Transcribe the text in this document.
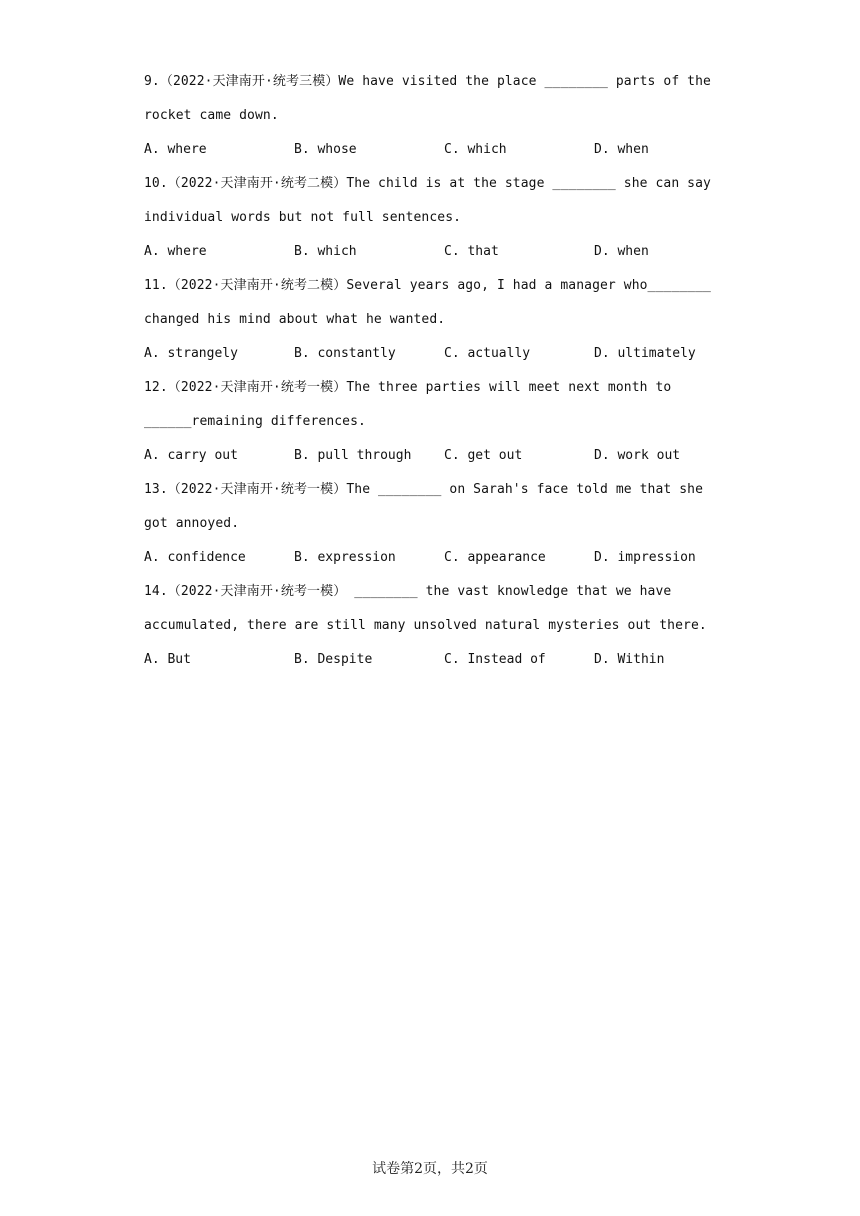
9.（2022·天津南开·统考三模）We have visited the place ________ parts of the
rocket came down.
A. where	B. whose	C. which	D. when
10.（2022·天津南开·统考二模）The child is at the stage ________ she can say
individual words but not full sentences.
A. where	B. which	C. that	D. when
11.（2022·天津南开·统考二模）Several years ago, I had a manager who________
changed his mind about what he wanted.
A. strangely	B. constantly	C. actually	D. ultimately
12.（2022·天津南开·统考一模）The three parties will meet next month to
______remaining differences.
A. carry out	B. pull through	C. get out	D. work out
13.（2022·天津南开·统考一模）The ________ on Sarah's face told me that she
got annoyed.
A. confidence	B. expression	C. appearance	D. impression
14.（2022·天津南开·统考一模） ________ the vast knowledge that we have
accumulated, there are still many unsolved natural mysteries out there.
A. But	B. Despite	C. Instead of	D. Within
试卷第2页，共2页
